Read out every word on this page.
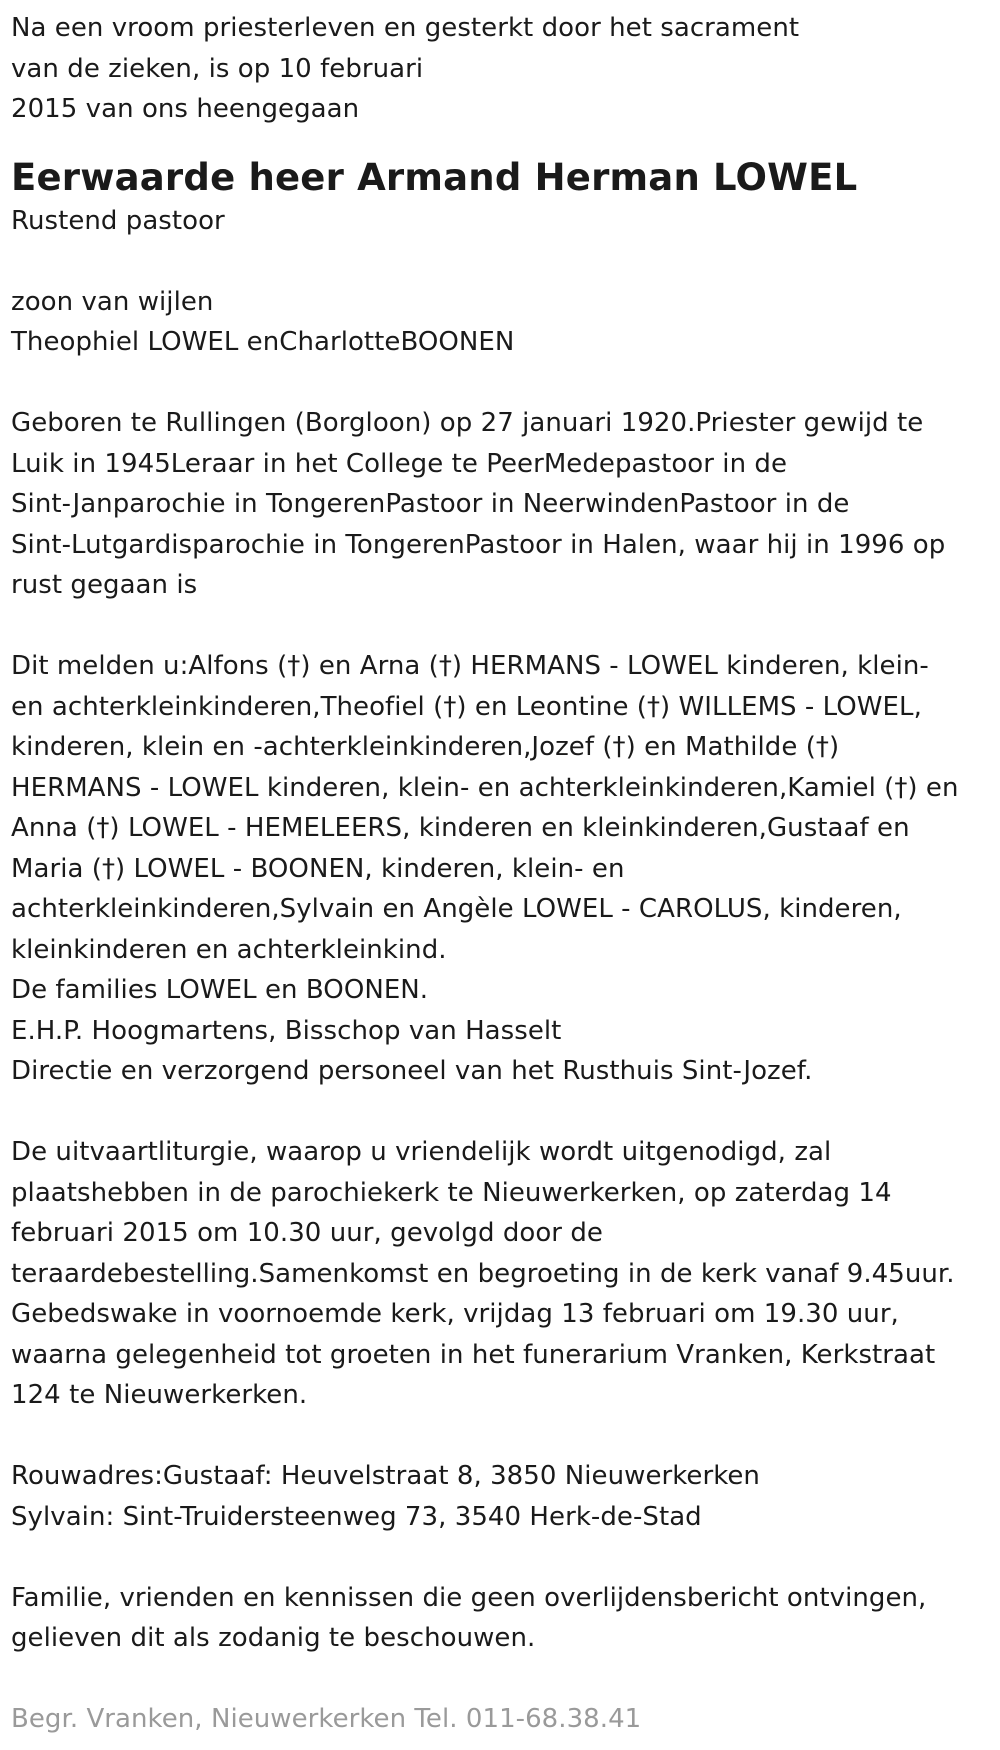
Na een vroom priesterleven en gesterkt door het sacrament
van de zieken, is op 10 februari
2015 van ons heengegaan
Eerwaarde heer Armand Herman LOWEL
Rustend pastoor
zoon van wijlen
Theophiel LOWEL enCharlotteBOONEN
Geboren te Rullingen (Borgloon) op 27 januari 1920.Priester gewijd te
Luik in 1945Leraar in het College te PeerMedepastoor in de
Sint-Janparochie in TongerenPastoor in NeerwindenPastoor in de
Sint-Lutgardisparochie in TongerenPastoor in Halen, waar hij in 1996 op
rust gegaan is
Dit melden u:Alfons (†) en Arna (†) HERMANS - LOWEL kinderen, klein-
en achterkleinkinderen,Theofiel (†) en Leontine (†) WILLEMS - LOWEL,
kinderen, klein en -achterkleinkinderen,Jozef (†) en Mathilde (†)
HERMANS - LOWEL kinderen, klein- en achterkleinkinderen,Kamiel (†) en
Anna (†) LOWEL - HEMELEERS, kinderen en kleinkinderen,Gustaaf en
Maria (†) LOWEL - BOONEN, kinderen, klein- en
achterkleinkinderen,Sylvain en Angèle LOWEL - CAROLUS, kinderen,
kleinkinderen en achterkleinkind.
De families LOWEL en BOONEN.
E.H.P. Hoogmartens, Bisschop van Hasselt
Directie en verzorgend personeel van het Rusthuis Sint-Jozef.
De uitvaartliturgie, waarop u vriendelijk wordt uitgenodigd, zal
plaatshebben in de parochiekerk te Nieuwerkerken, op zaterdag 14
februari 2015 om 10.30 uur, gevolgd door de
teraardebestelling.Samenkomst en begroeting in de kerk vanaf 9.45uur.
Gebedswake in voornoemde kerk, vrijdag 13 februari om 19.30 uur,
waarna gelegenheid tot groeten in het funerarium Vranken, Kerkstraat
124 te Nieuwerkerken.
Rouwadres:Gustaaf: Heuvelstraat 8, 3850 Nieuwerkerken
Sylvain: Sint-Truidersteenweg 73, 3540 Herk-de-Stad
Familie, vrienden en kennissen die geen overlijdensbericht ontvingen,
gelieven dit als zodanig te beschouwen.
Begr. Vranken, Nieuwerkerken Tel. 011-68.38.41
